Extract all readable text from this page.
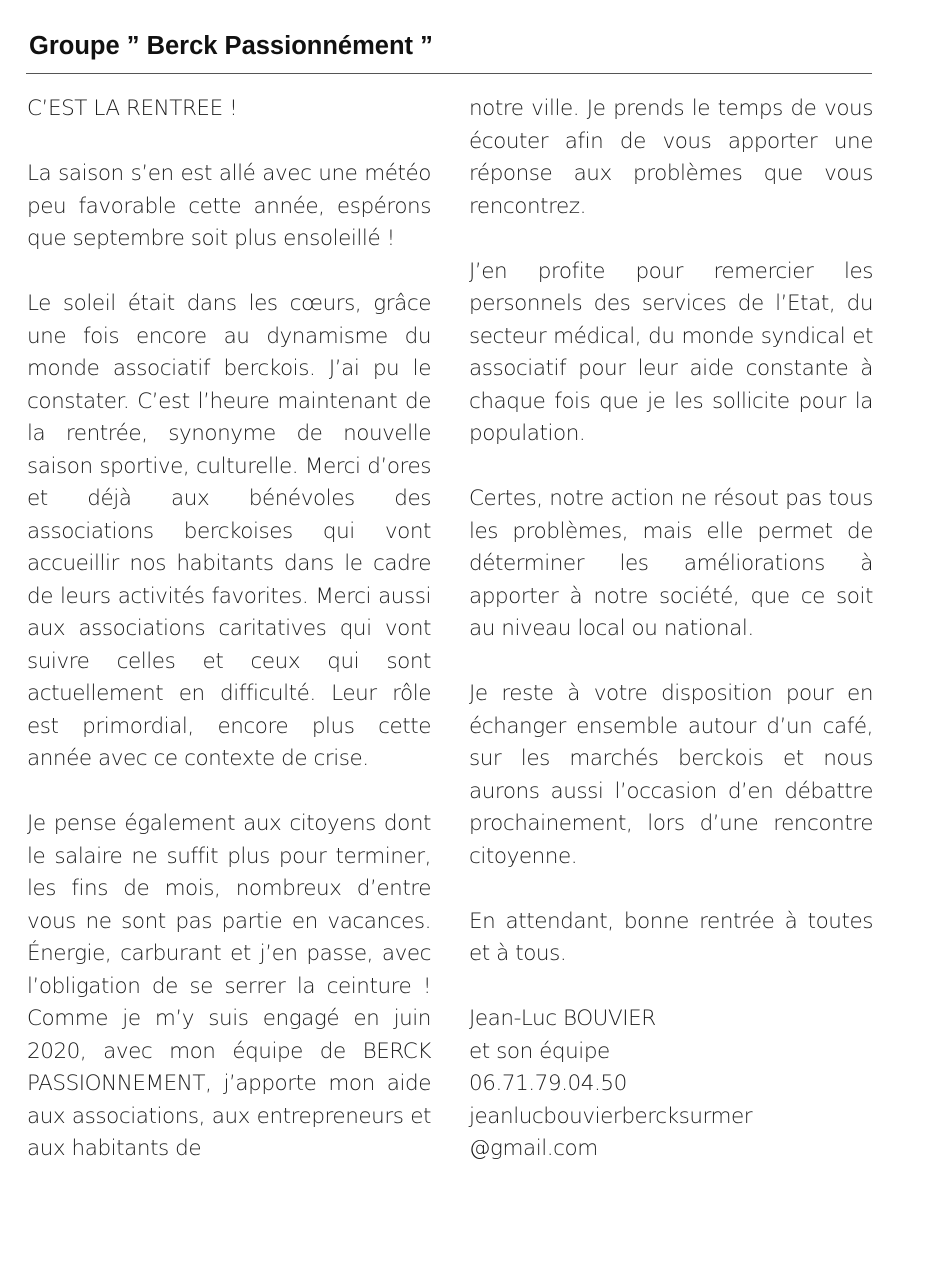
Groupe ” Berck Passionnément ”

C’EST LA RENTREE !

La saison s’en est allé avec une météo peu favorable cette année, espérons que septembre soit plus ensoleillé !

Le soleil était dans les cœurs, grâce une fois encore au dynamisme du monde associatif berckois. J’ai pu le constater. C’est l’heure maintenant de la rentrée, synonyme de nouvelle saison sportive, culturelle. Merci d’ores et déjà aux bénévoles des associations berckoises qui vont accueillir nos habitants dans le cadre de leurs activités favorites. Merci aussi aux associations caritatives qui vont suivre celles et ceux qui sont actuellement en difficulté. Leur rôle est primordial, encore plus cette année avec ce contexte de crise.

Je pense également aux citoyens dont le salaire ne suffit plus pour terminer, les fins de mois, nombreux d’entre vous ne sont pas partie en vacances. Énergie, carburant et j’en passe, avec l’obligation de se serrer la ceinture ! Comme je m’y suis engagé en juin 2020, avec mon équipe de BERCK PASSIONNEMENT, j’apporte mon aide aux associations, aux entrepreneurs et aux habitants de

notre ville. Je prends le temps de vous écouter afin de vous apporter une réponse aux problèmes que vous rencontrez.

J’en profite pour remercier les personnels des services de l’Etat, du secteur médical, du monde syndical et associatif pour leur aide constante à chaque fois que je les sollicite pour la population.

Certes, notre action ne résout pas tous les problèmes, mais elle permet de déterminer les améliorations à apporter à notre société, que ce soit au niveau local ou national.

Je reste à votre disposition pour en échanger ensemble autour d’un café, sur les marchés berckois et nous aurons aussi l’occasion d’en débattre prochainement, lors d’une rencontre citoyenne.

En attendant, bonne rentrée à toutes et à tous.

Jean-Luc BOUVIER
et son équipe
06.71.79.04.50
jeanlucbouvierbercksurmer
@gmail.com
